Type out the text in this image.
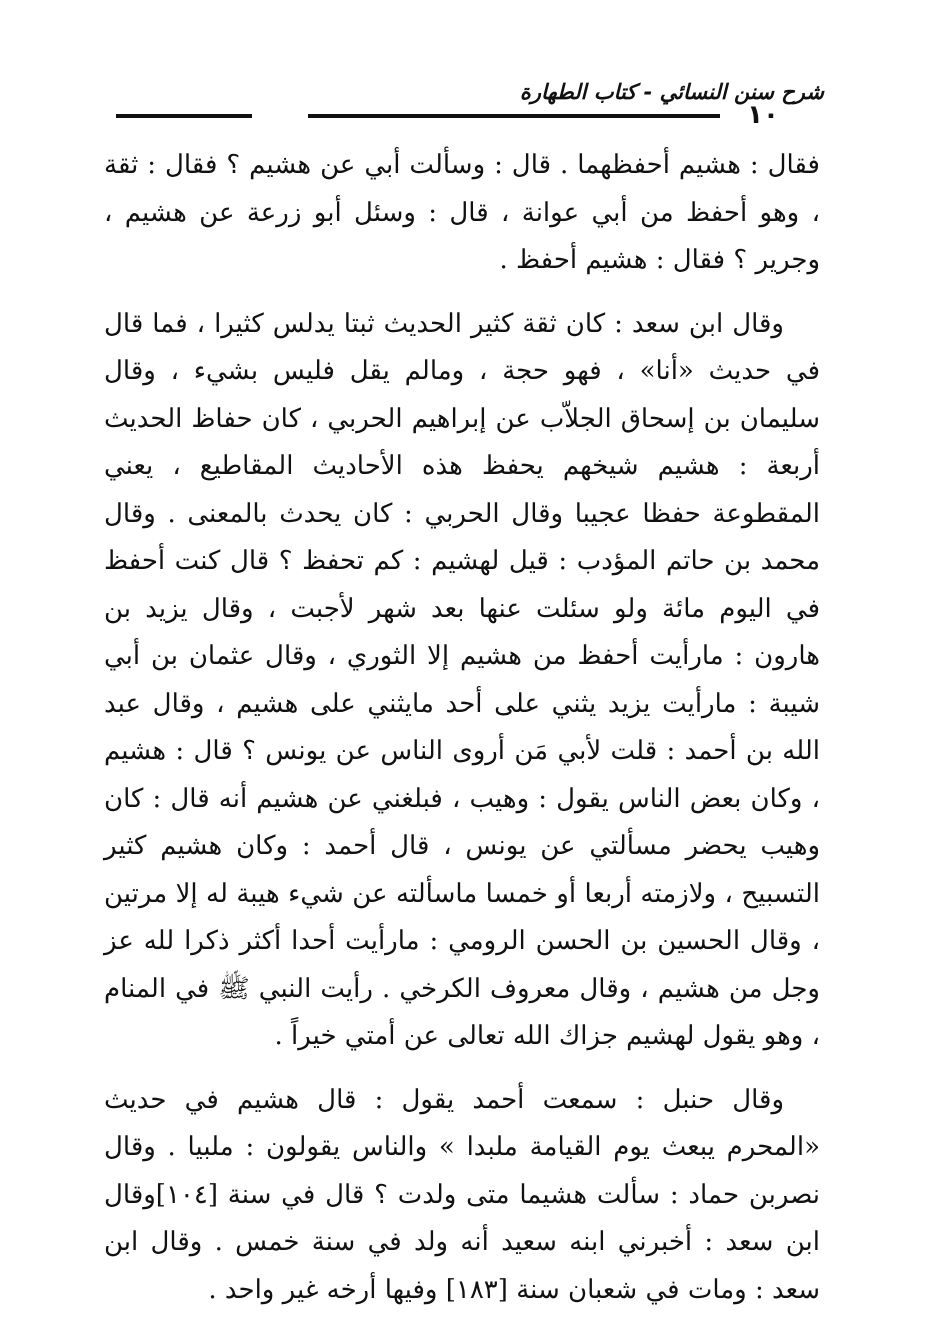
شرح سنن النسائي - كتاب الطهارة
١٠

فقال : هشيم أحفظهما . قال : وسألت أبي عن هشيم ؟ فقال : ثقة ، وهو أحفظ من أبي عوانة ، قال : وسئل أبو زرعة عن هشيم ، وجرير ؟ فقال : هشيم أحفظ .

وقال ابن سعد : كان ثقة كثير الحديث ثبتا يدلس كثيرا ، فما قال في حديث «أنا» ، فهو حجة ، ومالم يقل فليس بشيء ، وقال سليمان بن إسحاق الجلاّب عن إبراهيم الحربي ، كان حفاظ الحديث أربعة : هشيم شيخهم يحفظ هذه الأحاديث المقاطيع ، يعني المقطوعة حفظا عجيبا وقال الحربي : كان يحدث بالمعنى . وقال محمد بن حاتم المؤدب : قيل لهشيم : كم تحفظ ؟ قال كنت أحفظ في اليوم مائة ولو سئلت عنها بعد شهر لأجبت ، وقال يزيد بن هارون : مارأيت أحفظ من هشيم إلا الثوري ، وقال عثمان بن أبي شيبة : مارأيت يزيد يثني على أحد مايثني على هشيم ، وقال عبد الله بن أحمد : قلت لأبي مَن أروى الناس عن يونس ؟ قال : هشيم ، وكان بعض الناس يقول : وهيب ، فبلغني عن هشيم أنه قال : كان وهيب يحضر مسألتي عن يونس ، قال أحمد : وكان هشيم كثير التسبيح ، ولازمته أربعا أو خمسا ماسألته عن شيء هيبة له إلا مرتين ، وقال الحسين بن الحسن الرومي : مارأيت أحدا أكثر ذكرا لله عز وجل من هشيم ، وقال معروف الكرخي . رأيت النبي ﷺ في المنام ، وهو يقول لهشيم جزاك الله تعالى عن أمتي خيراً .

وقال حنبل : سمعت أحمد يقول : قال هشيم في حديث «المحرم يبعث يوم القيامة ملبدا » والناس يقولون : ملبيا . وقال نصربن حماد : سألت هشيما متى ولدت ؟ قال في سنة [١٠٤]وقال ابن سعد : أخبرني ابنه سعيد أنه ولد في سنة خمس . وقال ابن سعد : ومات في شعبان سنة [١٨٣] وفيها أرخه غير واحد .
